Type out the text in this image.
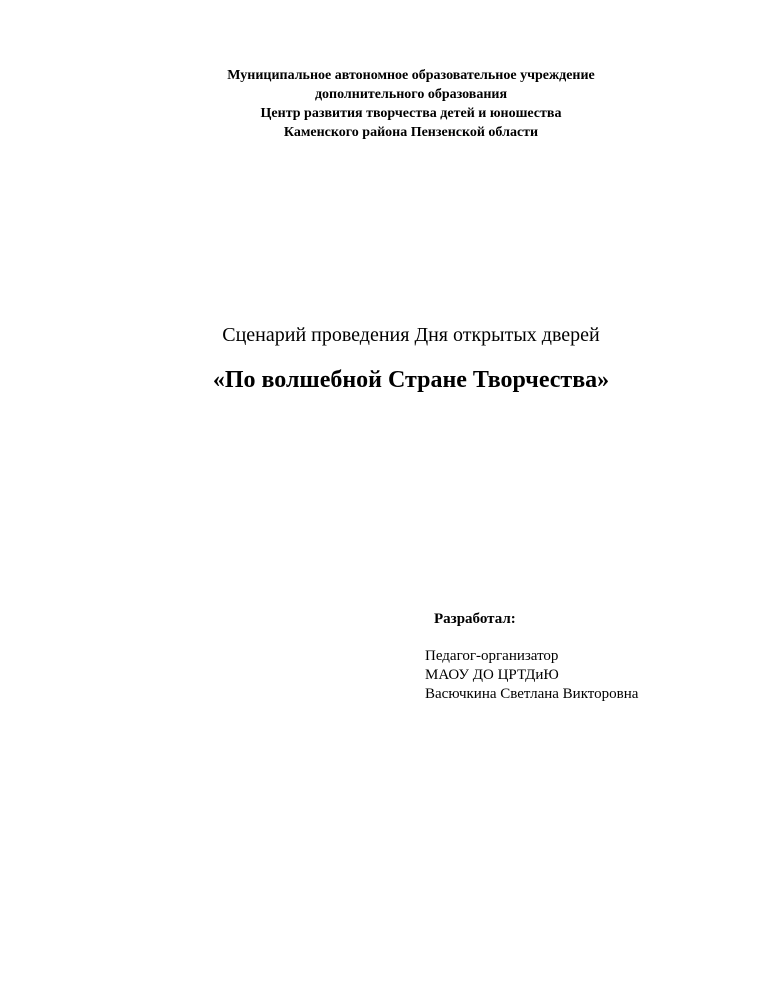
Муниципальное автономное образовательное учреждение
дополнительного образования
Центр развития творчества детей и юношества
Каменского района Пензенской области
Сценарий проведения Дня открытых дверей
«По волшебной Стране Творчества»
Разработал:
Педагог-организатор
МАОУ ДО ЦРТДиЮ
Васючкина Светлана Викторовна
